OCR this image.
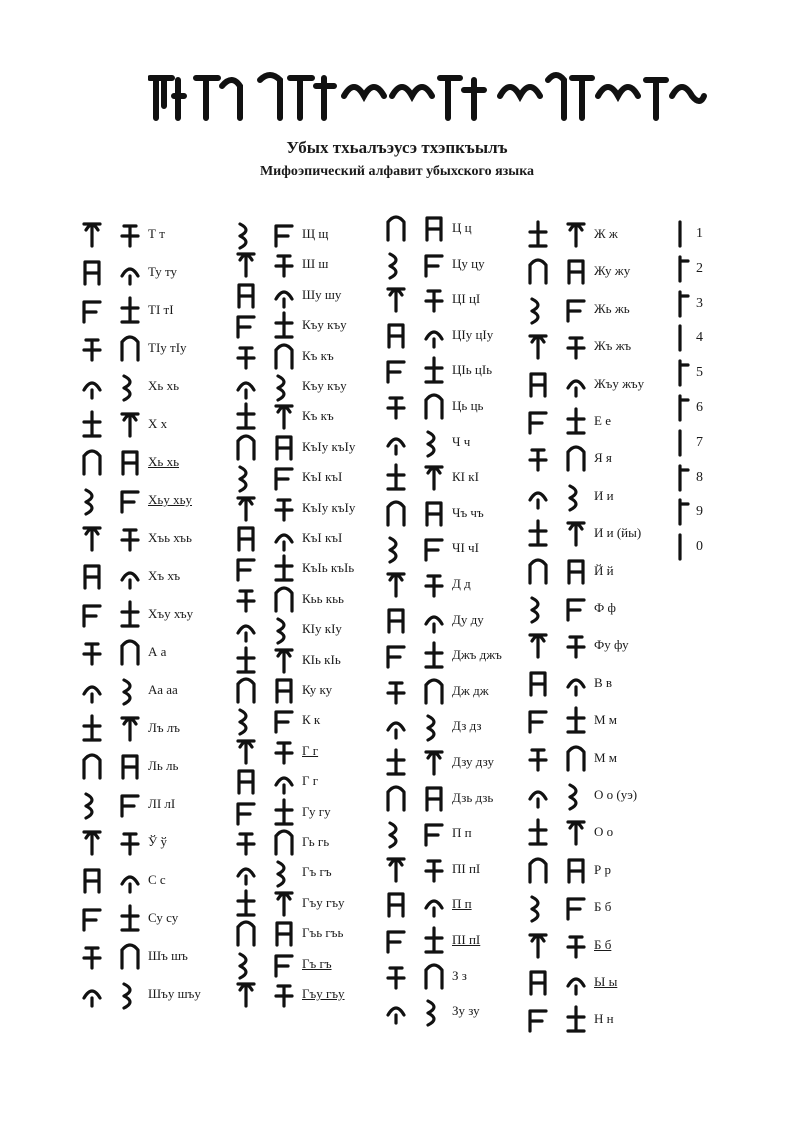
Убых тхьалъэусэ тхэпкъылъ
Мифоэпический алфавит убыхского языка
Т т
Ту ту
ТI тI
ТIу тIу
Хь хь
Х х
Хь хь
Хьу хьу
Хъь хъь
Хъ хъ
Хъу хъу
А а
Аа аа
Лъ лъ
Ль ль
ЛI лI
Ў ў
С с
Су су
Шъ шъ
Шъу шъу
Щ щ
Ш ш
Шу шу
Къу къу
Къ къ
Къу къу
Къ къ
КъIу къIу
КъI къI
КъIу къIу
КъI къI
КъIь къIь
Кьь кьь
КIу кIу
КIь кIь
Ку ку
К к
Г г
Г г
Гу гу
Гь гь
Гъ гъ
Гъу гъу
Гъь гъь
Гъ гъ
Гъу гъу
Ц ц
Цу цу
ЦI цI
ЦIу цIу
ЦIь цIь
Ць ць
Ч ч
КI кI
Чъ чъ
ЧI чI
Д д
Ду ду
Джъ джъ
Дж дж
Дз дз
Дзу дзу
Дзь дзь
П п
ПI пI
П п
ПI пI
З з
Зу зу
Ж ж
Жу жу
Жь жь
Жъ жъ
Жъу жъу
Е е
Я я
И и
И и (йы)
Й й
Ф ф
Фу фу
В в
М м
М м
О о (уэ)
О о
Р р
Б б
Б б
Ы ы
Н н
1
2
3
4
5
6
7
8
9
0
